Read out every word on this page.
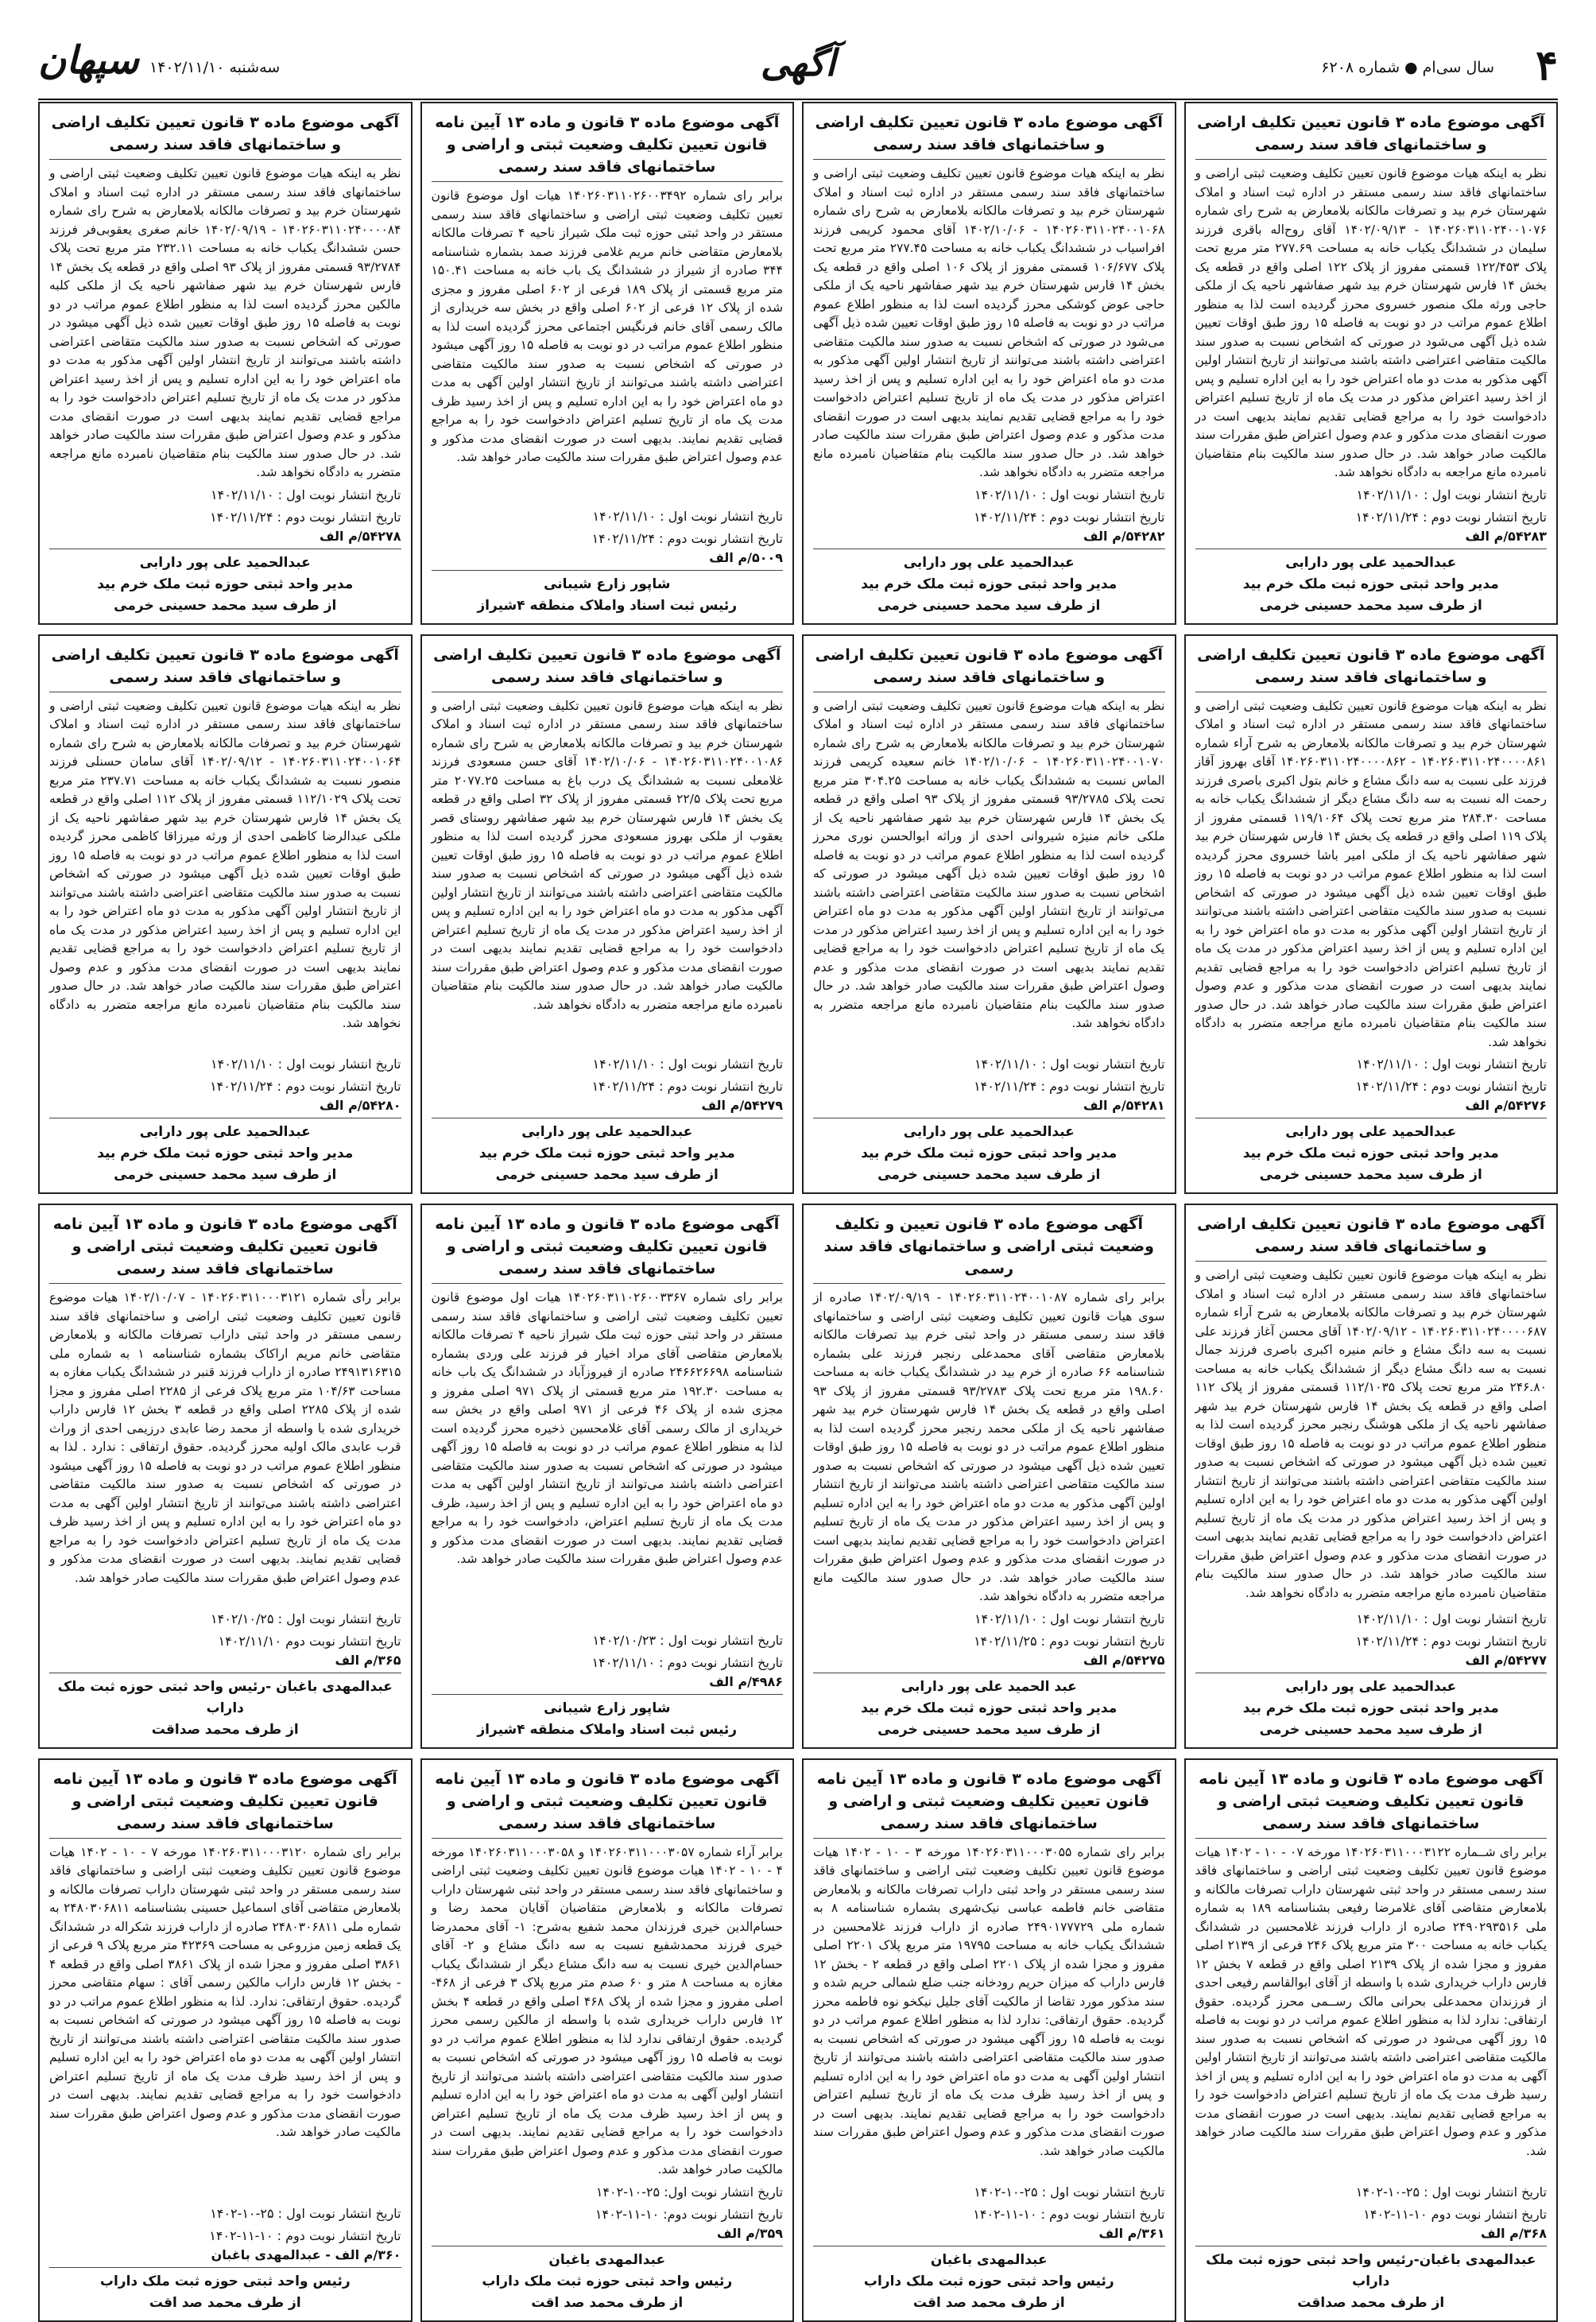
۴
سال سی‌ام ● شماره ۶۲۰۸
آگهی
سه‌شنبه ۱۴۰۲/۱۱/۱۰
سپهان
آگهی موضوع ماده ۳ قانون تعیین تکلیف اراضی و ساختمانهای فاقد سند رسمی
نظر به اینکه هیات موضوع قانون تعیین تکلیف وضعیت ثبتی اراضی و ساختمانهای فاقد سند رسمی مستقر در اداره ثبت اسناد و املاک شهرستان خرم بید و تصرفات مالکانه بلامعارض به شرح رای شماره ۱۴۰۲۶۰۳۱۱۰۲۴۰۰۱۰۷۶ - ۱۴۰۲/۰۹/۱۳ آقای روح‌اله باقری فرزند سلیمان در ششدانگ یکباب خانه به مساحت ۲۷۷.۶۹ متر مربع تحت پلاک ۱۲۲/۴۵۳ قسمتی مفروز از پلاک ۱۲۲ اصلی واقع در قطعه یک بخش ۱۴ فارس شهرستان خرم بید شهر صفاشهر ناحیه یک از ملکی حاجی ورثه ملک منصور خسروی محرز گردیده است لذا به منظور اطلاع عموم مراتب در دو نوبت به فاصله ۱۵ روز طبق اوقات تعیین شده ذیل آگهی می‌شود در صورتی که اشخاص نسبت به صدور سند مالکیت متقاضی اعتراضی داشته باشند می‌توانند از تاریخ انتشار اولین آگهی مذکور به مدت دو ماه اعتراض خود را به این اداره تسلیم و پس از اخذ رسید اعتراض مذکور در مدت یک ماه از تاریخ تسلیم اعتراض دادخواست خود را به مراجع قضایی تقدیم نمایند بدیهی است در صورت انقضای مدت مذکور و عدم وصول اعتراض طبق مقررات سند مالکیت صادر خواهد شد. در حال صدور سند مالکیت بنام متقاضیان نامبرده مانع مراجعه به دادگاه نخواهد شد.
تاریخ انتشار نوبت اول : ۱۴۰۲/۱۱/۱۰
تاریخ انتشار نوبت دوم : ۱۴۰۲/۱۱/۲۴
۵۴۲۸۳/م الف
عبدالحمید علی پور دارابی
مدیر واحد ثبتی حوزه ثبت ملک خرم بید
از طرف سید محمد حسینی خرمی
آگهی موضوع ماده ۳ قانون تعیین تکلیف اراضی و ساختمانهای فاقد سند رسمی
نظر به اینکه هیات موضوع قانون تعیین تکلیف وضعیت ثبتی اراضی و ساختمانهای فاقد سند رسمی مستقر در اداره ثبت اسناد و املاک شهرستان خرم بید و تصرفات مالکانه بلامعارض به شرح رای شماره ۱۴۰۲۶۰۳۱۱۰۲۴۰۰۱۰۶۸ - ۱۴۰۲/۱۰/۰۶ آقای محمود کریمی فرزند افراسیاب در ششدانگ یکباب خانه به مساحت ۲۷۷.۴۵ متر مربع تحت پلاک ۱۰۶/۶۷۷ قسمتی مفروز از پلاک ۱۰۶ اصلی واقع در قطعه یک بخش ۱۴ فارس شهرستان خرم بید شهر صفاشهر ناحیه یک از ملکی حاجی عوض کوشکی محرز گردیده است لذا به منظور اطلاع عموم مراتب در دو نوبت به فاصله ۱۵ روز طبق اوقات تعیین شده ذیل آگهی می‌شود در صورتی که اشخاص نسبت به صدور سند مالکیت متقاضی اعتراضی داشته باشند می‌توانند از تاریخ انتشار اولین آگهی مذکور به مدت دو ماه اعتراض خود را به این اداره تسلیم و پس از اخذ رسید اعتراض مذکور در مدت یک ماه از تاریخ تسلیم اعتراض دادخواست خود را به مراجع قضایی تقدیم نمایند بدیهی است در صورت انقضای مدت مذکور و عدم وصول اعتراض طبق مقررات سند مالکیت صادر خواهد شد. در حال صدور سند مالکیت بنام متقاضیان نامبرده مانع مراجعه متضرر به دادگاه نخواهد شد.
تاریخ انتشار نوبت اول : ۱۴۰۲/۱۱/۱۰
تاریخ انتشار نوبت دوم : ۱۴۰۲/۱۱/۲۴
۵۴۲۸۲/م الف
عبدالحمید علی پور دارابی
مدیر واحد ثبتی حوزه ثبت ملک خرم بید
از طرف سید محمد حسینی خرمی
آگهی موضوع ماده ۳ قانون و ماده ۱۳ آیین نامه قانون تعیین تکلیف وضعیت ثبتی و اراضی و ساختمانهای فاقد سند رسمی
برابر رای شماره ۱۴۰۲۶۰۳۱۱۰۲۶۰۰۳۴۹۲ هیات اول موضوع قانون تعیین تکلیف وضعیت ثبتی اراضی و ساختمانهای فاقد سند رسمی مستقر در واحد ثبتی حوزه ثبت ملک شیراز ناحیه ۴ تصرفات مالکانه بلامعارض متقاضی خانم مریم غلامی فرزند صمد بشماره شناسنامه ۳۴۴ صادره از شیراز در ششدانگ یک باب خانه به مساحت ۱۵۰.۴۱ متر مربع قسمتی از پلاک ۱۸۹ فرعی از ۶۰۲ اصلی مفروز و مجزی شده از پلاک ۱۲ فرعی از ۶۰۲ اصلی واقع در بخش سه خریداری از مالک رسمی آقای خانم فرنگیس اجتماعی محرز گردیده است لذا به منظور اطلاع عموم مراتب در دو نوبت به فاصله ۱۵ روز آگهی میشود در صورتی که اشخاص نسبت به صدور سند مالکیت متقاضی اعتراضی داشته باشند می‌توانند از تاریخ انتشار اولین آگهی به مدت دو ماه اعتراض خود را به این اداره تسلیم و پس از اخذ رسید ظرف مدت یک ماه از تاریخ تسلیم اعتراض دادخواست خود را به مراجع قضایی تقدیم نمایند. بدیهی است در صورت انقضای مدت مذکور و عدم وصول اعتراض طبق مقررات سند مالکیت صادر خواهد شد.
تاریخ انتشار نوبت اول : ۱۴۰۲/۱۱/۱۰
تاریخ انتشار نوبت دوم : ۱۴۰۲/۱۱/۲۴
۵۰۰۹/م الف
شاپور زارع شیبانی
رئیس ثبت اسناد واملاک منطقه ۴شیراز
آگهی موضوع ماده ۳ قانون تعیین تکلیف اراضی و ساختمانهای فاقد سند رسمی
نظر به اینکه هیات موضوع قانون تعیین تکلیف وضعیت ثبتی اراضی و ساختمانهای فاقد سند رسمی مستقر در اداره ثبت اسناد و املاک شهرستان خرم بید و تصرفات مالکانه بلامعارض به شرح رای شماره ۱۴۰۲۶۰۳۱۱۰۲۴۰۰۰۰۸۴ - ۱۴۰۲/۰۹/۱۹ خانم صغری یعقوبی‌فر فرزند حسن ششدانگ یکباب خانه به مساحت ۲۳۲.۱۱ متر مربع تحت پلاک ۹۳/۲۷۸۴ قسمتی مفروز از پلاک ۹۳ اصلی واقع در قطعه یک بخش ۱۴ فارس شهرستان خرم بید شهر صفاشهر ناحیه یک از ملکی کلبه مالکین محرز گردیده است لذا به منظور اطلاع عموم مراتب در دو نوبت به فاصله ۱۵ روز طبق اوقات تعیین شده ذیل آگهی میشود در صورتی که اشخاص نسبت به صدور سند مالکیت متقاضی اعتراضی داشته باشند می‌توانند از تاریخ انتشار اولین آگهی مذکور به مدت دو ماه اعتراض خود را به این اداره تسلیم و پس از اخذ رسید اعتراض مذکور در مدت یک ماه از تاریخ تسلیم اعتراض دادخواست خود را به مراجع قضایی تقدیم نمایند بدیهی است در صورت انقضای مدت مذکور و عدم وصول اعتراض طبق مقررات سند مالکیت صادر خواهد شد. در حال صدور سند مالکیت بنام متقاضیان نامبرده مانع مراجعه متضرر به دادگاه نخواهد شد.
تاریخ انتشار نوبت اول : ۱۴۰۲/۱۱/۱۰
تاریخ انتشار نوبت دوم : ۱۴۰۲/۱۱/۲۴
۵۴۲۷۸/م الف
عبدالحمید علی پور دارابی
مدیر واحد ثبتی حوزه ثبت ملک خرم بید
از طرف سید محمد حسینی خرمی
آگهی موضوع ماده ۳ قانون تعیین تکلیف اراضی و ساختمانهای فاقد سند رسمی
نظر به اینکه هیات موضوع قانون تعیین تکلیف وضعیت ثبتی اراضی و ساختمانهای فاقد سند رسمی مستقر در اداره ثبت اسناد و املاک شهرستان خرم بید و تصرفات مالکانه بلامعارض به شرح آراء شماره ۱۴۰۲۶۰۳۱۱۰۲۴۰۰۰۰۸۶۱ - ۱۴۰۲۶۰۳۱۱۰۲۴۰۰۰۰۸۶۲ آقای بهروز آقاز فرزند علی نسبت به سه دانگ مشاع و خانم بتول اکبری باصری فرزند رحمت اله نسبت به سه دانگ مشاع دیگر از ششدانگ یکباب خانه به مساحت ۲۸۴.۳۰ متر مربع تحت پلاک ۱۱۹/۱۰۶۴ قسمتی مفروز از پلاک ۱۱۹ اصلی واقع در قطعه یک بخش ۱۴ فارس شهرستان خرم بید شهر صفاشهر ناحیه یک از ملکی امیر باشا خسروی محرز گردیده است لذا به منظور اطلاع عموم مراتب در دو نوبت به فاصله ۱۵ روز طبق اوقات تعیین شده ذیل آگهی میشود در صورتی که اشخاص نسبت به صدور سند مالکیت متقاضی اعتراضی داشته باشند می‌توانند از تاریخ انتشار اولین آگهی مذکور به مدت دو ماه اعتراض خود را به این اداره تسلیم و پس از اخذ رسید اعتراض مذکور در مدت یک ماه از تاریخ تسلیم اعتراض دادخواست خود را به مراجع قضایی تقدیم نمایند بدیهی است در صورت انقضای مدت مذکور و عدم وصول اعتراض طبق مقررات سند مالکیت صادر خواهد شد. در حال صدور سند مالکیت بنام متقاضیان نامبرده مانع مراجعه متضرر به دادگاه نخواهد شد.
تاریخ انتشار نوبت اول : ۱۴۰۲/۱۱/۱۰
تاریخ انتشار نوبت دوم : ۱۴۰۲/۱۱/۲۴
۵۴۲۷۶/م الف
عبدالحمید علی پور دارابی
مدیر واحد ثبتی حوزه ثبت ملک خرم بید
از طرف سید محمد حسینی خرمی
آگهی موضوع ماده ۳ قانون تعیین تکلیف اراضی و ساختمانهای فاقد سند رسمی
نظر به اینکه هیات موضوع قانون تعیین تکلیف وضعیت ثبتی اراضی و ساختمانهای فاقد سند رسمی مستقر در اداره ثبت اسناد و املاک شهرستان خرم بید و تصرفات مالکانه بلامعارض به شرح رای شماره ۱۴۰۲۶۰۳۱۱۰۲۴۰۰۱۰۷۰ - ۱۴۰۲/۱۰/۰۶ خانم سعیده کریمی فرزند الماس نسبت به ششدانگ یکباب خانه به مساحت ۳۰۴.۲۵ متر مربع تحت پلاک ۹۳/۲۷۸۵ قسمتی مفروز از پلاک ۹۳ اصلی واقع در قطعه یک بخش ۱۴ فارس شهرستان خرم بید شهر صفاشهر ناحیه یک از ملکی خانم منیژه شیروانی احدی از وراثه ابوالحسن نوری محرز گردیده است لذا به منظور اطلاع عموم مراتب در دو نوبت به فاصله ۱۵ روز طبق اوقات تعیین شده ذیل آگهی میشود در صورتی که اشخاص نسبت به صدور سند مالکیت متقاضی اعتراضی داشته باشند می‌توانند از تاریخ انتشار اولین آگهی مذکور به مدت دو ماه اعتراض خود را به این اداره تسلیم و پس از اخذ رسید اعتراض مذکور در مدت یک ماه از تاریخ تسلیم اعتراض دادخواست خود را به مراجع قضایی تقدیم نمایند بدیهی است در صورت انقضای مدت مذکور و عدم وصول اعتراض طبق مقررات سند مالکیت صادر خواهد شد. در حال صدور سند مالکیت بنام متقاضیان نامبرده مانع مراجعه متضرر به دادگاه نخواهد شد.
تاریخ انتشار نوبت اول : ۱۴۰۲/۱۱/۱۰
تاریخ انتشار نوبت دوم : ۱۴۰۲/۱۱/۲۴
۵۴۲۸۱/م الف
عبدالحمید علی پور دارابی
مدیر واحد ثبتی حوزه ثبت ملک خرم بید
از طرف سید محمد حسینی خرمی
آگهی موضوع ماده ۳ قانون تعیین تکلیف اراضی و ساختمانهای فاقد سند رسمی
نظر به اینکه هیات موضوع قانون تعیین تکلیف وضعیت ثبتی اراضی و ساختمانهای فاقد سند رسمی مستقر در اداره ثبت اسناد و املاک شهرستان خرم بید و تصرفات مالکانه بلامعارض به شرح رای شماره ۱۴۰۲۶۰۳۱۱۰۲۴۰۰۱۰۸۶ - ۱۴۰۲/۱۰/۰۶ آقای حسن مسعودی فرزند غلامعلی نسبت به ششدانگ یک درب باغ به مساحت ۲۰۷۷.۲۵ متر مربع تحت پلاک ۲۲/۵ قسمتی مفروز از پلاک ۳۲ اصلی واقع در قطعه یک بخش ۱۴ فارس شهرستان خرم بید شهر صفاشهر روستای قصر یعقوب از ملکی بهروز مسعودی محرز گردیده است لذا به منظور اطلاع عموم مراتب در دو نوبت به فاصله ۱۵ روز طبق اوقات تعیین شده ذیل آگهی میشود در صورتی که اشخاص نسبت به صدور سند مالکیت متقاضی اعتراضی داشته باشند می‌توانند از تاریخ انتشار اولین آگهی مذکور به مدت دو ماه اعتراض خود را به این اداره تسلیم و پس از اخذ رسید اعتراض مذکور در مدت یک ماه از تاریخ تسلیم اعتراض دادخواست خود را به مراجع قضایی تقدیم نمایند بدیهی است در صورت انقضای مدت مذکور و عدم وصول اعتراض طبق مقررات سند مالکیت صادر خواهد شد. در حال صدور سند مالکیت بنام متقاضیان نامبرده مانع مراجعه متضرر به دادگاه نخواهد شد.
تاریخ انتشار نوبت اول : ۱۴۰۲/۱۱/۱۰
تاریخ انتشار نوبت دوم : ۱۴۰۲/۱۱/۲۴
۵۴۲۷۹/م الف
عبدالحمید علی پور دارابی
مدیر واحد ثبتی حوزه ثبت ملک خرم بید
از طرف سید محمد حسینی خرمی
آگهی موضوع ماده ۳ قانون تعیین تکلیف اراضی و ساختمانهای فاقد سند رسمی
نظر به اینکه هیات موضوع قانون تعیین تکلیف وضعیت ثبتی اراضی و ساختمانهای فاقد سند رسمی مستقر در اداره ثبت اسناد و املاک شهرستان خرم بید و تصرفات مالکانه بلامعارض به شرح رای شماره ۱۴۰۲۶۰۳۱۱۰۲۴۰۰۱۰۶۴ - ۱۴۰۲/۰۹/۱۲ آقای سامان حسنلی فرزند منصور نسبت به ششدانگ یکباب خانه به مساحت ۲۳۷.۷۱ متر مربع تحت پلاک ۱۱۲/۱۰۲۹ قسمتی مفروز از پلاک ۱۱۲ اصلی واقع در قطعه یک بخش ۱۴ فارس شهرستان خرم بید شهر صفاشهر ناحیه یک از ملکی عبدالرضا کاظمی احدی از ورثه میرزاقا کاظمی محرز گردیده است لذا به منظور اطلاع عموم مراتب در دو نوبت به فاصله ۱۵ روز طبق اوقات تعیین شده ذیل آگهی میشود در صورتی که اشخاص نسبت به صدور سند مالکیت متقاضی اعتراضی داشته باشند می‌توانند از تاریخ انتشار اولین آگهی مذکور به مدت دو ماه اعتراض خود را به این اداره تسلیم و پس از اخذ رسید اعتراض مذکور در مدت یک ماه از تاریخ تسلیم اعتراض دادخواست خود را به مراجع قضایی تقدیم نمایند بدیهی است در صورت انقضای مدت مذکور و عدم وصول اعتراض طبق مقررات سند مالکیت صادر خواهد شد. در حال صدور سند مالکیت بنام متقاضیان نامبرده مانع مراجعه متضرر به دادگاه نخواهد شد.
تاریخ انتشار نوبت اول : ۱۴۰۲/۱۱/۱۰
تاریخ انتشار نوبت دوم : ۱۴۰۲/۱۱/۲۴
۵۴۲۸۰/م الف
عبدالحمید علی پور دارابی
مدیر واحد ثبتی حوزه ثبت ملک خرم بید
از طرف سید محمد حسینی خرمی
آگهی موضوع ماده ۳ قانون تعیین تکلیف اراضی و ساختمانهای فاقد سند رسمی
نظر به اینکه هیات موضوع قانون تعیین تکلیف وضعیت ثبتی اراضی و ساختمانهای فاقد سند رسمی مستقر در اداره ثبت اسناد و املاک شهرستان خرم بید و تصرفات مالکانه بلامعارض به شرح آراء شماره ۱۴۰۲۶۰۳۱۱۰۲۴۰۰۰۰۶۸۷ - ۱۴۰۲/۰۹/۱۲ آقای محسن آغاز فرزند علی نسبت به سه دانگ مشاع و خانم منیره اکبری باصری فرزند جمال نسبت به سه دانگ مشاع دیگر از ششدانگ یکباب خانه به مساحت ۲۴۶.۸۰ متر مربع تحت پلاک ۱۱۲/۱۰۳۵ قسمتی مفروز از پلاک ۱۱۲ اصلی واقع در قطعه یک بخش ۱۴ فارس شهرستان خرم بید شهر صفاشهر ناحیه یک از ملکی هوشنگ رنجبر محرز گردیده است لذا به منظور اطلاع عموم مراتب در دو نوبت به فاصله ۱۵ روز طبق اوقات تعیین شده ذیل آگهی میشود در صورتی که اشخاص نسبت به صدور سند مالکیت متقاضی اعتراضی داشته باشند می‌توانند از تاریخ انتشار اولین آگهی مذکور به مدت دو ماه اعتراض خود را به این اداره تسلیم و پس از اخذ رسید اعتراض مذکور در مدت یک ماه از تاریخ تسلیم اعتراض دادخواست خود را به مراجع قضایی تقدیم نمایند بدیهی است در صورت انقضای مدت مذکور و عدم وصول اعتراض طبق مقررات سند مالکیت صادر خواهد شد. در حال صدور سند مالکیت بنام متقاضیان نامبرده مانع مراجعه متضرر به دادگاه نخواهد شد.
تاریخ انتشار نوبت اول : ۱۴۰۲/۱۱/۱۰
تاریخ انتشار نوبت دوم : ۱۴۰۲/۱۱/۲۴
۵۴۲۷۷/م الف
عبدالحمید علی پور دارابی
مدیر واحد ثبتی حوزه ثبت ملک خرم بید
از طرف سید محمد حسینی خرمی
آگهی موضوع ماده ۳ قانون تعیین و تکلیف وضعیت ثبتی اراضی و ساختمانهای فاقد سند رسمی
برابر رای شماره ۱۴۰۲۶۰۳۱۱۰۲۴۰۰۱۰۸۷ - ۱۴۰۲/۰۹/۱۹ صادره از سوی هیات قانون تعیین تکلیف وضعیت ثبتی اراضی و ساختمانهای فاقد سند رسمی مستقر در واحد ثبتی خرم بید تصرفات مالکانه بلامعارض متقاضی آقای محمدعلی رنجبر فرزند علی بشماره شناسنامه ۶۶ صادره از خرم بید در ششدانگ یکباب خانه به مساحت ۱۹۸.۶۰ متر مربع تحت پلاک ۹۳/۲۷۸۳ قسمتی مفروز از پلاک ۹۳ اصلی واقع در قطعه یک بخش ۱۴ فارس شهرستان خرم بید شهر صفاشهر ناحیه یک از ملکی محمد رنجبر محرز گردیده است لذا به منظور اطلاع عموم مراتب در دو نوبت به فاصله ۱۵ روز طبق اوقات تعیین شده ذیل آگهی میشود در صورتی که اشخاص نسبت به صدور سند مالکیت متقاضی اعتراضی داشته باشند می‌توانند از تاریخ انتشار اولین آگهی مذکور به مدت دو ماه اعتراض خود را به این اداره تسلیم و پس از اخذ رسید اعتراض مذکور در مدت یک ماه از تاریخ تسلیم اعتراض دادخواست خود را به مراجع قضایی تقدیم نمایند بدیهی است در صورت انقضای مدت مذکور و عدم وصول اعتراض طبق مقررات سند مالکیت صادر خواهد شد. در حال صدور سند مالکیت مانع مراجعه متضرر به دادگاه نخواهد شد.
تاریخ انتشار نوبت اول : ۱۴۰۲/۱۱/۱۰
تاریخ انتشار نوبت دوم : ۱۴۰۲/۱۱/۲۵
۵۴۲۷۵/م الف
عبد الحمید علی پور دارابی
مدیر واحد ثبتی حوزه ثبت ملک خرم بید
از طرف سید محمد حسینی خرمی
آگهی موضوع ماده ۳ قانون و ماده ۱۳ آیین نامه قانون تعیین تکلیف وضعیت ثبتی و اراضی و ساختمانهای فاقد سند رسمی
برابر رای شماره ۱۴۰۲۶۰۳۱۱۰۲۶۰۰۳۳۶۷ هیات اول موضوع قانون تعیین تکلیف وضعیت ثبتی اراضی و ساختمانهای فاقد سند رسمی مستقر در واحد ثبتی حوزه ثبت ملک شیراز ناحیه ۴ تصرفات مالکانه بلامعارض متقاضی آقای مراد اخیار فر فرزند علی وردی بشماره شناسنامه ۲۴۶۶۲۶۶۹۸ صادره از فیروزآباد در ششدانگ یک باب خانه به مساحت ۱۹۲.۳۰ متر مربع قسمتی از پلاک ۹۷۱ اصلی مفروز و مجزی شده از پلاک ۴۶ فرعی از ۹۷۱ اصلی واقع در بخش سه خریداری از مالک رسمی آقای غلامحسین ذخیره محرز گردیده است لذا به منظور اطلاع عموم مراتب در دو نوبت به فاصله ۱۵ روز آگهی میشود در صورتی که اشخاص نسبت به صدور سند مالکیت متقاضی اعتراضی داشته باشند می‌توانند از تاریخ انتشار اولین آگهی به مدت دو ماه اعتراض خود را به این اداره تسلیم و پس از اخذ رسید، ظرف مدت یک ماه از تاریخ تسلیم اعتراض، دادخواست خود را به مراجع قضایی تقدیم نمایند. بدیهی است در صورت انقضای مدت مذکور و عدم وصول اعتراض طبق مقررات سند مالکیت صادر خواهد شد.
تاریخ انتشار نوبت اول : ۱۴۰۲/۱۰/۲۳
تاریخ انتشار نوبت دوم : ۱۴۰۲/۱۱/۱۰
۴۹۸۶/م الف
شاپور زارع شیبانی
رئیس ثبت اسناد واملاک منطقه ۴شیراز
آگهی موضوع ماده ۳ قانون و ماده ۱۳ آیین نامه قانون تعیین تکلیف وضعیت ثبتی اراضی و ساختمانهای فاقد سند رسمی
برابر رأی شماره ۱۴۰۲۶۰۳۱۱۰۰۰۳۱۲۱ - ۱۴۰۲/۱۰/۰۷ هیات موضوع قانون تعیین تکلیف وضعیت ثبتی اراضی و ساختمانهای فاقد سند رسمی مستقر در واحد ثبتی داراب تصرفات مالکانه و بلامعارض متقاضی خانم مریم اراکاک بشماره شناسنامه ۱ به شماره ملی ۲۴۹۱۳۱۶۳۱۵ صادره از داراب فرزند قنبر در ششدانگ یکباب مغازه به مساحت ۱۰۴/۶۳ متر مربع پلاک فرعی از ۲۲۸۵ اصلی مفروز و مجزا شده از پلاک ۲۲۸۵ اصلی واقع در قطعه ۳ بخش ۱۲ فارس داراب خریداری شده با واسطه از محمد رضا عابدی درزیمی احدی از وراث قرب عابدی مالک اولیه محرز گردیده. حقوق ارتفاقی : ندارد . لذا به منظور اطلاع عموم مراتب در دو نوبت به فاصله ۱۵ روز آگهی میشود در صورتی که اشخاص نسبت به صدور سند مالکیت متقاضی اعتراضی داشته باشند می‌توانند از تاریخ انتشار اولین آگهی به مدت دو ماه اعتراض خود را به این اداره تسلیم و پس از اخذ رسید ظرف مدت یک ماه از تاریخ تسلیم اعتراض دادخواست خود را به مراجع قضایی تقدیم نمایند. بدیهی است در صورت انقضای مدت مذکور و عدم وصول اعتراض طبق مقررات سند مالکیت صادر خواهد شد.
تاریخ انتشار نوبت اول : ۱۴۰۲/۱۰/۲۵
تاریخ انتشار نوبت دوم ۱۴۰۲/۱۱/۱۰
۳۶۵/م الف
عبدالمهدی باغبان -رئیس واحد ثبتی حوزه ثبت ملک داراب
از طرف محمد صداقت
آگهی موضوع ماده ۳ قانون و ماده ۱۳ آیین نامه قانون تعیین تکلیف وضعیت ثبتی اراضی و ساختمانهای فاقد سند رسمی
برابر رای شــماره ۱۴۰۲۶۰۳۱۱۰۰۰۳۱۲۲ مورخه ۰۷ - ۱۰ - ۱۴۰۲ هیات موضوع قانون تعیین تکلیف وضعیت ثبتی اراضی و ساختمانهای فاقد سند رسمی مستقر در واحد ثبتی شهرستان داراب تصرفات مالکانه و بلامعارض متقاضی آقای غلامرضا رفیعی بشناسنامه ۱۸۹ به شماره ملی ۲۴۹۰۲۹۳۵۱۶ صادره از داراب فرزند غلامحسین در ششدانگ یکباب خانه به مساحت ۳۰۰ متر مربع پلاک ۲۴۶ فرعی از ۲۱۳۹ اصلی مفروز و مجزا شده از پلاک ۲۱۳۹ اصلی واقع در قطعه ۷ بخش ۱۲ فارس داراب خریداری شده با واسطه از آقای ابوالقاسم رفیعی احدی از فرزندان محمدعلی بحرانی مالک رســمی محرز گردیده. حقوق ارتفاقی: ندارد لذا به منظور اطلاع عموم مراتب در دو نوبت به فاصله ۱۵ روز آگهی می‌شود در صورتی که اشخاص نسبت به صدور سند مالکیت متقاضی اعتراضی داشته باشند می‌توانند از تاریخ انتشار اولین آگهی به مدت دو ماه اعتراض خود را به این اداره تسلیم و پس از اخذ رسید ظرف مدت یک ماه از تاریخ تسلیم اعتراض دادخواست خود را به مراجع قضایی تقدیم نمایند. بدیهی است در صورت انقضای مدت مذکور و عدم وصول اعتراض طبق مقررات سند مالکیت صادر خواهد شد.
تاریخ انتشار نوبت اول : ۲۵-۱۰-۱۴۰۲
تاریخ انتشار نوبت دوم ۱۰-۱۱-۱۴۰۲
۳۶۸/م الف
عبدالمهدی باغبان-رئیس واحد ثبتی حوزه ثبت ملک داراب
از طرف محمد صداقت
آگهی موضوع ماده ۳ قانون و ماده ۱۳ آیین نامه قانون تعیین تکلیف وضعیت ثبتی و اراضی و ساختمانهای فاقد سند رسمی
برابر رای شماره ۱۴۰۲۶۰۳۱۱۰۰۰۳۰۵۵ مورخه ۳ - ۱۰ - ۱۴۰۲ هیات موضوع قانون تعیین تکلیف وضعیت ثبتی اراضی و ساختمانهای فاقد سند رسمی مستقر در واحد ثبتی داراب تصرفات مالکانه و بلامعارض متقاضی خانم فاطمه عباسی نیک‌شهری بشماره شناسنامه ۸ به شماره ملی ۲۴۹۰۱۷۷۷۲۹ صادره از داراب فرزند غلامحسین در ششدانگ یکباب خانه به مساحت ۱۹۷۹۵ متر مربع پلاک ۲۲۰۱ اصلی مفروز و مجزا شده از پلاک ۲۲۰۱ اصلی واقع در قطعه ۲ - بخش ۱۲ فارس داراب که میزان حریم رودخانه جنب ضلع شمالی حریم شده و سند مذکور مورد تقاضا از مالکیت آقای جلیل نیکخو نوه فاطمه محرز گردیده. حقوق ارتفاقی: ندارد لذا به منظور اطلاع عموم مراتب در دو نوبت به فاصله ۱۵ روز آگهی میشود در صورتی که اشخاص نسبت به صدور سند مالکیت متقاضی اعتراضی داشته باشند می‌توانند از تاریخ انتشار اولین آگهی به مدت دو ماه اعتراض خود را به این اداره تسلیم و پس از اخذ رسید ظرف مدت یک ماه از تاریخ تسلیم اعتراض دادخواست خود را به مراجع قضایی تقدیم نمایند. بدیهی است در صورت انقضای مدت مذکور و عدم وصول اعتراض طبق مقررات سند مالکیت صادر خواهد شد.
تاریخ انتشار نوبت اول : ۲۵-۱۰-۱۴۰۲
تاریخ انتشار نوبت دوم : ۱۰-۱۱-۱۴۰۲
۳۶۱/م الف
عبدالمهدی باغبان
رئیس واحد ثبتی حوزه ثبت ملک داراب
از طرف محمد صد اقت
آگهی موضوع ماده ۳ قانون و ماده ۱۳ آیین نامه قانون تعیین تکلیف وضعیت ثبتی و اراضی و ساختمانهای فاقد سند رسمی
برابر آراء شماره ۱۴۰۲۶۰۳۱۱۰۰۰۳۰۵۷ و ۱۴۰۲۶۰۳۱۱۰۰۰۳۰۵۸ مورخه ۴ - ۱۰ - ۱۴۰۲ هیات موضوع قانون تعیین تکلیف وضعیت ثبتی اراضی و ساختمانهای فاقد سند رسمی مستقر در واحد ثبتی شهرستان داراب تصرفات مالکانه و بلامعارض متقاضیان آقایان محمد رضا و حسام‌الدین خیری فرزندان محمد شفیع به‌شرح: ۱- آقای محمدرضا خیری فرزند محمدشفیع نسبت به سه دانگ مشاع و ۲- آقای حسام‌الدین خیری نسبت به سه دانگ مشاع دیگر از ششدانگ یکباب مغازه به مساحت ۸ متر و ۶۰ صدم متر مربع پلاک ۳ فرعی از ۴۶۸- اصلی مفروز و مجزا شده از پلاک ۴۶۸ اصلی واقع در قطعه ۴ بخش ۱۲ فارس داراب خریداری شده با واسطه از مالکین رسمی محرز گردیده. حقوق ارتفاقی ندارد لذا به منظور اطلاع عموم مراتب در دو نوبت به فاصله ۱۵ روز آگهی میشود در صورتی که اشخاص نسبت به صدور سند مالکیت متقاضی اعتراضی داشته باشند می‌توانند از تاریخ انتشار اولین آگهی به مدت دو ماه اعتراض خود را به این اداره تسلیم و پس از اخذ رسید ظرف مدت یک ماه از تاریخ تسلیم اعتراض دادخواست خود را به مراجع قضایی تقدیم نمایند. بدیهی است در صورت انقضای مدت مذکور و عدم وصول اعتراض طبق مقررات سند مالکیت صادر خواهد شد.
تاریخ انتشار نوبت اول: ۲۵-۱۰-۱۴۰۲
تاریخ انتشار نوبت دوم: ۱۰-۱۱-۱۴۰۲
۳۵۹/م الف
عبدالمهدی باغبان
رئیس واحد ثبتی حوزه ثبت ملک داراب
از طرف محمد صد اقت
آگهی موضوع ماده ۳ قانون و ماده ۱۳ آیین نامه قانون تعیین تکلیف وضعیت ثبتی اراضی و ساختمانهای فاقد سند رسمی
برابر رای شماره ۱۴۰۲۶۰۳۱۱۰۰۰۳۱۲۰ مورخه ۷ - ۱۰ - ۱۴۰۲ هیات موضوع قانون تعیین تکلیف وضعیت ثبتی اراضی و ساختمانهای فاقد سند رسمی مستقر در واحد ثبتی شهرستان داراب تصرفات مالکانه و بلامعارض متقاضی آقای اسماعیل حسینی بشناسنامه ۲۴۸۰۳۰۶۸۱۱ به شماره ملی ۲۴۸۰۳۰۶۸۱۱ صادره از داراب فرزند شکراله در ششدانگ یک قطعه زمین مزروعی به مساحت ۴۲۳۶۹ متر مربع پلاک ۹ فرعی از ۳۸۶۱ اصلی مفروز و مجزا شده از پلاک ۳۸۶۱ اصلی واقع در قطعه ۴ - بخش ۱۲ فارس داراب مالکین رسمی آقای : سهام متقاضی محرز گردیده. حقوق ارتفاقی: ندارد. لذا به منظور اطلاع عموم مراتب در دو نوبت به فاصله ۱۵ روز آگهی میشود در صورتی که اشخاص نسبت به صدور سند مالکیت متقاضی اعتراضی داشته باشند می‌توانند از تاریخ انتشار اولین آگهی به مدت دو ماه اعتراض خود را به این اداره تسلیم و پس از اخذ رسید ظرف مدت یک ماه از تاریخ تسلیم اعتراض دادخواست خود را به مراجع قضایی تقدیم نمایند. بدیهی است در صورت انقضای مدت مذکور و عدم وصول اعتراض طبق مقررات سند مالکیت صادر خواهد شد.
تاریخ انتشار نوبت اول : ۲۵-۱۰-۱۴۰۲
تاریخ انتشار نوبت دوم : ۱۰-۱۱-۱۴۰۲
۳۶۰/م الف - عبدالمهدی باغبان
رئیس واحد ثبتی حوزه ثبت ملک داراب
از طرف محمد صد اقت
